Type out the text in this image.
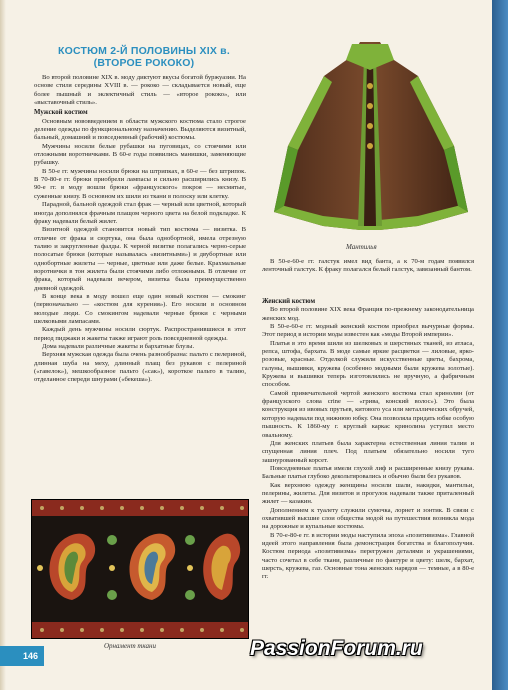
КОСТЮМ 2-Й ПОЛОВИНЫ XIX в. (ВТОРОЕ РОКОКО)

Во второй половине XIX в. моду диктуют вкусы богатой буржуазии. На основе стиля середины XVIII в. — рококо — складывается новый, еще более пышный и эклектичный стиль — «второе рококо», или «выставочный стиль».

Мужской костюм

Основным нововведением в области мужского костюма стало строгое деление одежды по функциональному назначению. Выделяются визитный, бальный, домашний и повседневный (рабочий) костюмы.

Мужчины носили белые рубашки на пуговицах, со стоячими или отложными воротничками. В 60-е годы появились манишки, заменяющие рубашку.

В 50-е гг. мужчины носили брюки на штрипках, в 60-е — без штрипок. В 70-80-е гг. брюки приобрели лампасы и сильно расширились книзу. В 90-е гг. в моду вошли брюки «французского» покроя — несмятые, суженные книзу. В основном их шили из ткани в полоску или клетку.

Парадной, бальной одеждой стал фрак — черный или цветной, который иногда дополнялся фрачным плащом черного цвета на белой подкладке. К фраку надевали белый жилет.

Визитной одеждой становится новый тип костюма — визитка. В отличие от фрака и сюртука, она была однобортной, имела отрезную талию и закругленные фалды. К черной визитке полагались черно-серые полосатые брюки (которые называлась «визитными») и двубортные или однобортные жилеты — черные, цветные или даже белые. Крахмальные воротнички в тон жилета были стоячими либо отложными. В отличие от фрака, который надевали вечером, визитка была преимущественно дневной одеждой.

В конце века в моду вошел еще один новый костюм — смокинг (первоначально — «костюм для курения»). Его носили в основном молодые люди. Со смокингом надевали черные брюки с черными шелковыми лампасами.

Каждый день мужчины носили сюртук. Распространившиеся в этот период пиджаки и жакеты также играют роль повседневной одежды.

Дома надевали различные жакеты и бархатные блузы.

Верхняя мужская одежда была очень разнообразна: пальто с пелериной, длинная шуба на меху, длинный плащ без рукавов с пелериной («гавелок»), мешкообразное пальто («сак»), короткое пальто в талию, отделанное спереди шнурами («бекеша»).

Мантилья

В 50-е-60-е гг. галстук имел вид банта, а к 70-м годам появился ленточный галстук. К фраку полагался белый галстук, завязанный бантом.

Женский костюм

Во второй половине XIX века Франция по-прежнему законодательница женских мод.

В 50-е-60-е гг. модный женский костюм приобрел вычурные формы. Этот период в истории моды известен как «моды Второй империи».

Платья в это время шили из шелковых и шерстяных тканей, из атласа, репса, штофа, бархата. В моде самые яркие расцветки — лиловые, ярко-розовые, красные. Отделкой служили искусственные цветы, бахрома, галуны, вышивки, кружева (особенно модными были кружева золотые). Кружева и вышивки теперь изготовлялись не вручную, а фабричным способом.

Самой примечательной чертой женского костюма стал кринолин (от французского слова crine — «грива, конский волос»). Это была конструкция из ивовых прутьев, китового уса или металлических обручей, которую надевали под нижнюю юбку. Она позволяла придать юбке особую пышность. К 1860-му г. круглый каркас кринолина уступил место овальному.

Для женских платьев была характерна естественная линия талии и спущенная линия плеч. Под платьем обязательно носили туго зашнурованный корсет.

Повседневные платья имели глухой лиф и расширенные книзу рукава. Бальные платья глубоко декольтировались и обычно были без рукавов.

Как верхнюю одежду женщины носили шали, накидки, мантильи, пелерины, жилеты. Для визитов и прогулок надевали также приталенный жилет — казакин.

Дополнением к туалету служили сумочка, лорнет и зонтик. В связи с охватившей высшие слои общества модой на путешествия возникла мода на дорожные и купальные костюмы.

В 70-е-80-е гг. в истории моды наступила эпоха «позитивизма». Главной идеей этого направления была демонстрация богатства и благополучия. Костюм периода «позитивизма» перегружен деталями и украшениями, часто сочетал в себе ткани, различные по фактуре и цвету: шелк, бархат, шерсть, кружева, газ. Основные тона женских нарядов — темные, а в 80-е гг.

Орнамент ткани
146	PassionForum.ru
